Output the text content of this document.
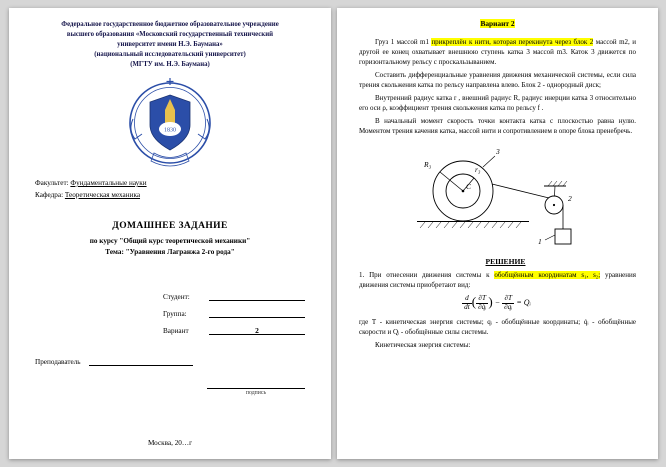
Федеральное государственное бюджетное образовательное учреждение
высшего образования «Московский государственный технический
университет имени Н.Э. Баумана»
(национальный исследовательский университет)
(МГТУ им. Н.Э. Баумана)
1830
Факультет: Фундаментальные науки
Кафедра: Теоретическая механика
ДОМАШНЕЕ ЗАДАНИЕ
по курсу "Общий курс теоретической механики"
Тема: "Уравнения Лагранжа 2-го рода"
Студент:
Группа:
Вариант	2
Преподаватель
подпись
Москва, 20…г
Вариант 2

Груз 1 массой m1 прикреплён к нити, которая перекинута через блок 2 массой m2, и другой ее конец охватывает внешнюю ступень катка 3 массой m3. Каток 3 движется по горизонтальному рельсу с проскальзыванием.

Составить дифференциальные уравнения движения механической системы, если сила трения скольжения катка по рельсу направлена влево. Блок 2 - однородный диск;

Внутренний радиус катка r , внешний радиус R, радиус инерции катка 3 относительно его оси ρ, коэффициент трения скольжения катка по рельсу f .

В начальный момент скорость точки контакта катка с плоскостью равна нулю. Моментом трения качения катка, массой нити и сопротивлением в опоре блока пренебречь.

R₃
r₃
3
C
2
1

РЕШЕНИЕ

1. При отнесении движения системы к обобщённым координатам s₁, s₂; уравнения движения системы приобретают вид:

$\frac{d}{dt}$ ( $\frac{\partial T}{\text{∂q̇ᵢ}}$ ) − $\frac{\partial T}{\text{∂qᵢ}}$ = Qᵢ

где Т - кинетическая энергия системы; qᵢ - обобщённые координаты; q̇ᵢ - обобщённые скорости и Qᵢ - обобщённые силы системы.

Кинетическая энергия системы:
